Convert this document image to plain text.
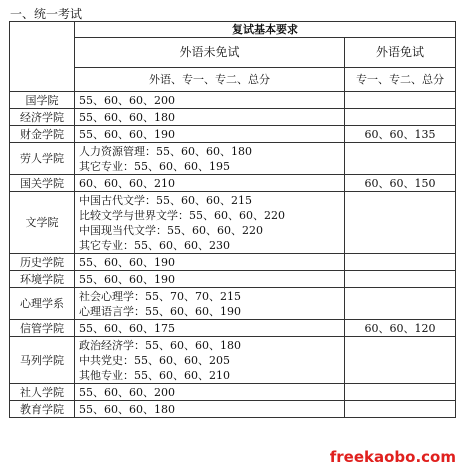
一、统一考试
	复试基本要求	
	外语未免试	外语免试
	外语、专一、专二、总分	专一、专二、总分
国学院	55、60、60、200	

经济学院	55、60、60、180	

财金学院	55、60、60、190	60、60、135
劳人学院	人力资源管理：55、60、60、180
其它专业：55、60、60、195	

国关学院	60、60、60、210	60、60、150
文学院	中国古代文学：55、60、60、215
比较文学与世界文学：55、60、60、220
中国现当代文学：55、60、60、220
其它专业：55、60、60、230	

历史学院	55、60、60、190	

环境学院	55、60、60、190	

心理学系	社会心理学：55、70、70、215
心理语言学：55、60、60、190	

信管学院	55、60、60、175	60、60、120
马列学院	政治经济学：55、60、60、180
中共党史：55、60、60、205
其他专业：55、60、60、210	

社人学院	55、60、60、200	

教育学院	55、60、60、180	

freekaobo.com
